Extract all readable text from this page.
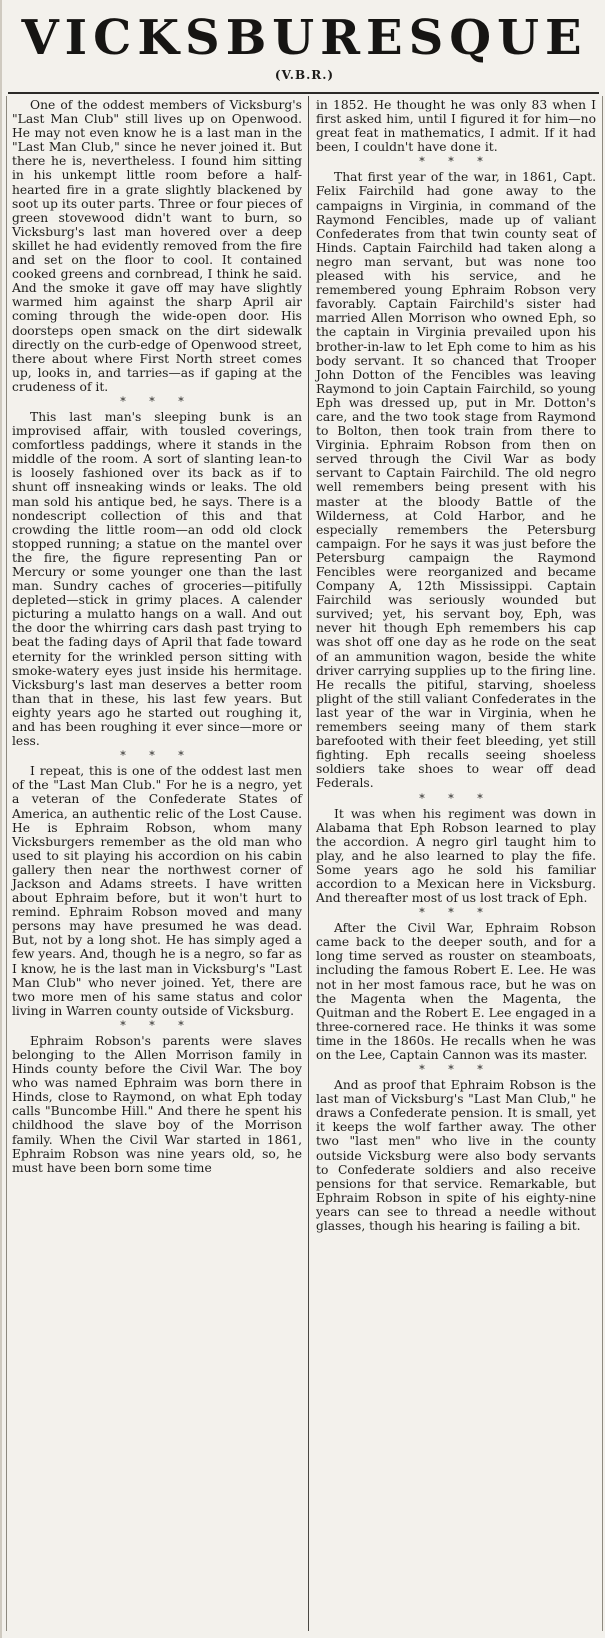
VICKSBURESQUE
(V.B.R.)

One of the oddest members of Vicksburg's "Last Man Club" still lives up on Openwood. He may not even know he is a last man in the "Last Man Club," since he never joined it. But there he is, nevertheless. I found him sitting in his unkempt little room before a half-hearted fire in a grate slightly blackened by soot up its outer parts. Three or four pieces of green stovewood didn't want to burn, so Vicksburg's last man hovered over a deep skillet he had evidently removed from the fire and set on the floor to cool. It contained cooked greens and cornbread, I think he said. And the smoke it gave off may have slightly warmed him against the sharp April air coming through the wide-open door. His doorsteps open smack on the dirt sidewalk directly on the curb-edge of Openwood street, there about where First North street comes up, looks in, and tarries—as if gaping at the crudeness of it.

* * *

This last man's sleeping bunk is an improvised affair, with tousled coverings, comfortless paddings, where it stands in the middle of the room. A sort of slanting lean-to is loosely fashioned over its back as if to shunt off insneaking winds or leaks. The old man sold his antique bed, he says. There is a nondescript collection of this and that crowding the little room—an odd old clock stopped running; a statue on the mantel over the fire, the figure representing Pan or Mercury or some younger one than the last man. Sundry caches of groceries—pitifully depleted—stick in grimy places. A calender picturing a mulatto hangs on a wall. And out the door the whirring cars dash past trying to beat the fading days of April that fade toward eternity for the wrinkled person sitting with smoke-watery eyes just inside his hermitage. Vicksburg's last man deserves a better room than that in these, his last few years. But eighty years ago he started out roughing it, and has been roughing it ever since—more or less.

* * *

I repeat, this is one of the oddest last men of the "Last Man Club." For he is a negro, yet a veteran of the Confederate States of America, an authentic relic of the Lost Cause. He is Ephraim Robson, whom many Vicksburgers remember as the old man who used to sit playing his accordion on his cabin gallery then near the northwest corner of Jackson and Adams streets. I have written about Ephraim before, but it won't hurt to remind. Ephraim Robson moved and many persons may have presumed he was dead. But, not by a long shot. He has simply aged a few years. And, though he is a negro, so far as I know, he is the last man in Vicksburg's "Last Man Club" who never joined. Yet, there are two more men of his same status and color living in Warren county outside of Vicksburg.

* * *

Ephraim Robson's parents were slaves belonging to the Allen Morrison family in Hinds county before the Civil War. The boy who was named Ephraim was born there in Hinds, close to Raymond, on what Eph today calls "Buncombe Hill." And there he spent his childhood the slave boy of the Morrison family. When the Civil War started in 1861, Ephraim Robson was nine years old, so, he must have been born some time

in 1852. He thought he was only 83 when I first asked him, until I figured it for him—no great feat in mathematics, I admit. If it had been, I couldn't have done it.

* * *

That first year of the war, in 1861, Capt. Felix Fairchild had gone away to the campaigns in Virginia, in command of the Raymond Fencibles, made up of valiant Confederates from that twin county seat of Hinds. Captain Fairchild had taken along a negro man servant, but was none too pleased with his service, and he remembered young Ephraim Robson very favorably. Captain Fairchild's sister had married Allen Morrison who owned Eph, so the captain in Virginia prevailed upon his brother-in-law to let Eph come to him as his body servant. It so chanced that Trooper John Dotton of the Fencibles was leaving Raymond to join Captain Fairchild, so young Eph was dressed up, put in Mr. Dotton's care, and the two took stage from Raymond to Bolton, then took train from there to Virginia. Ephraim Robson from then on served through the Civil War as body servant to Captain Fairchild. The old negro well remembers being present with his master at the bloody Battle of the Wilderness, at Cold Harbor, and he especially remembers the Petersburg campaign. For he says it was just before the Petersburg campaign the Raymond Fencibles were reorganized and became Company A, 12th Mississippi. Captain Fairchild was seriously wounded but survived; yet, his servant boy, Eph, was never hit though Eph remembers his cap was shot off one day as he rode on the seat of an ammunition wagon, beside the white driver carrying supplies up to the firing line. He recalls the pitiful, starving, shoeless plight of the still valiant Confederates in the last year of the war in Virginia, when he remembers seeing many of them stark barefooted with their feet bleeding, yet still fighting. Eph recalls seeing shoeless soldiers take shoes to wear off dead Federals.

* * *

It was when his regiment was down in Alabama that Eph Robson learned to play the accordion. A negro girl taught him to play, and he also learned to play the fife. Some years ago he sold his familiar accordion to a Mexican here in Vicksburg. And thereafter most of us lost track of Eph.

* * *

After the Civil War, Ephraim Robson came back to the deeper south, and for a long time served as rouster on steamboats, including the famous Robert E. Lee. He was not in her most famous race, but he was on the Magenta when the Magenta, the Quitman and the Robert E. Lee engaged in a three-cornered race. He thinks it was some time in the 1860s. He recalls when he was on the Lee, Captain Cannon was its master.

* * *

And as proof that Ephraim Robson is the last man of Vicksburg's "Last Man Club," he draws a Confederate pension. It is small, yet it keeps the wolf farther away. The other two "last men" who live in the county outside Vicksburg were also body servants to Confederate soldiers and also receive pensions for that service. Remarkable, but Ephraim Robson in spite of his eighty-nine years can see to thread a needle without glasses, though his hearing is failing a bit.
